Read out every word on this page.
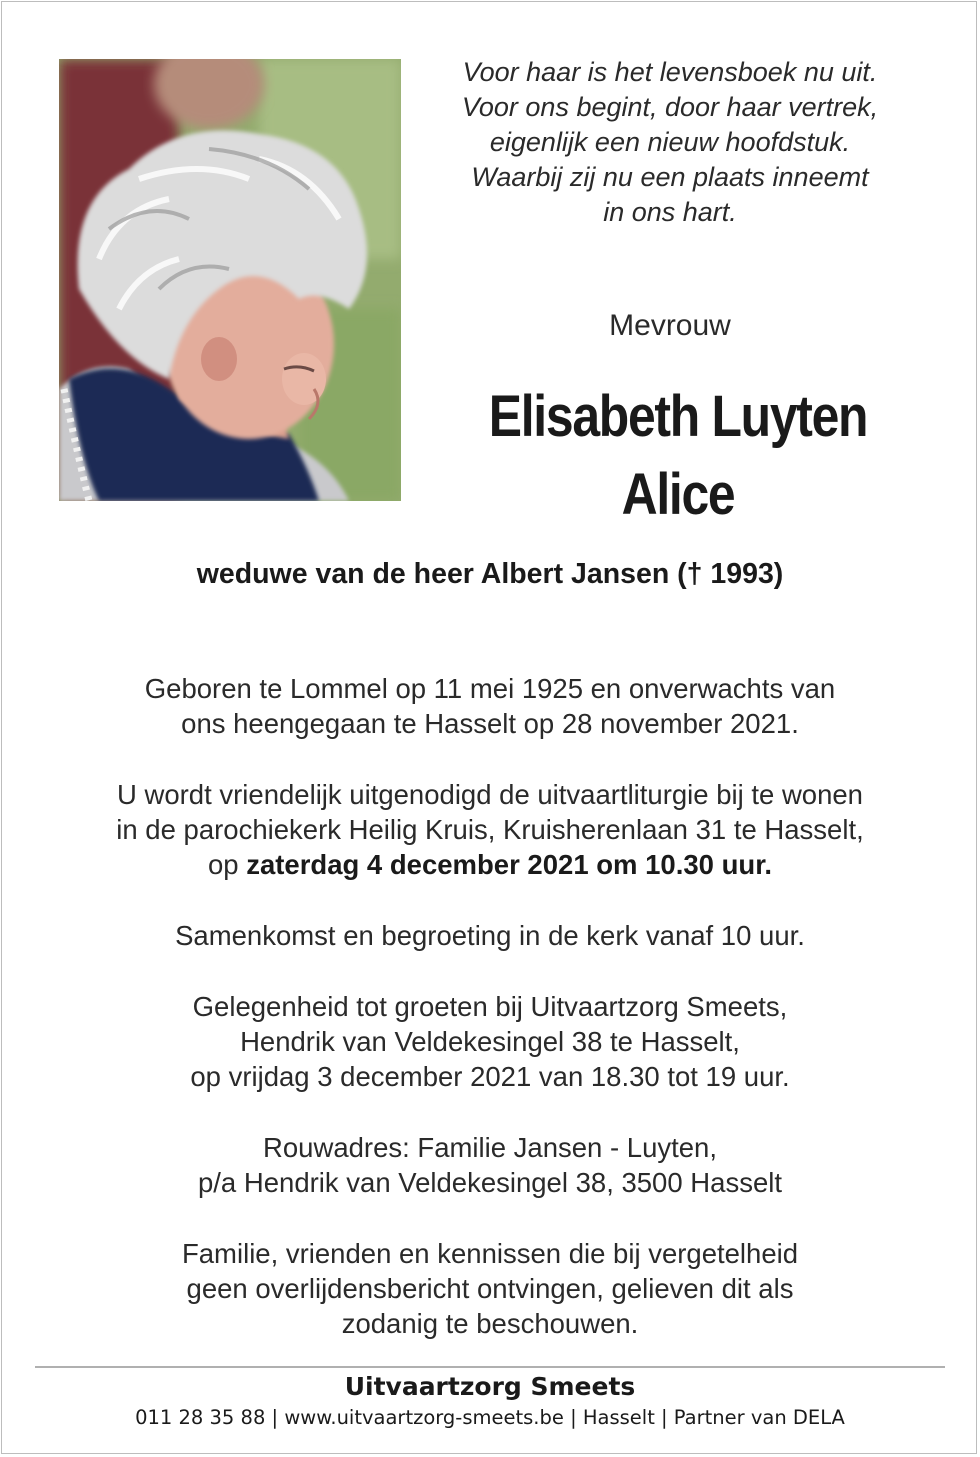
Voor haar is het levensboek nu uit.
Voor ons begint, door haar vertrek,
eigenlijk een nieuw hoofdstuk.
Waarbij zij nu een plaats inneemt
in ons hart.
Mevrouw
Elisabeth Luyten
Alice
weduwe van de heer Albert Jansen († 1993)
Geboren te Lommel op 11 mei 1925 en onverwachts van
ons heengegaan te Hasselt op 28 november 2021.
U wordt vriendelijk uitgenodigd de uitvaartliturgie bij te wonen
in de parochiekerk Heilig Kruis, Kruisherenlaan 31 te Hasselt,
op zaterdag 4 december 2021 om 10.30 uur.
Samenkomst en begroeting in de kerk vanaf 10 uur.
Gelegenheid tot groeten bij Uitvaartzorg Smeets,
Hendrik van Veldekesingel 38 te Hasselt,
op vrijdag 3 december 2021 van 18.30 tot 19 uur.
Rouwadres: Familie Jansen - Luyten,
p/a Hendrik van Veldekesingel 38, 3500 Hasselt
Familie, vrienden en kennissen die bij vergetelheid
geen overlijdensbericht ontvingen, gelieven dit als
zodanig te beschouwen.
Uitvaartzorg Smeets
011 28 35 88 | www.uitvaartzorg-smeets.be | Hasselt | Partner van DELA
